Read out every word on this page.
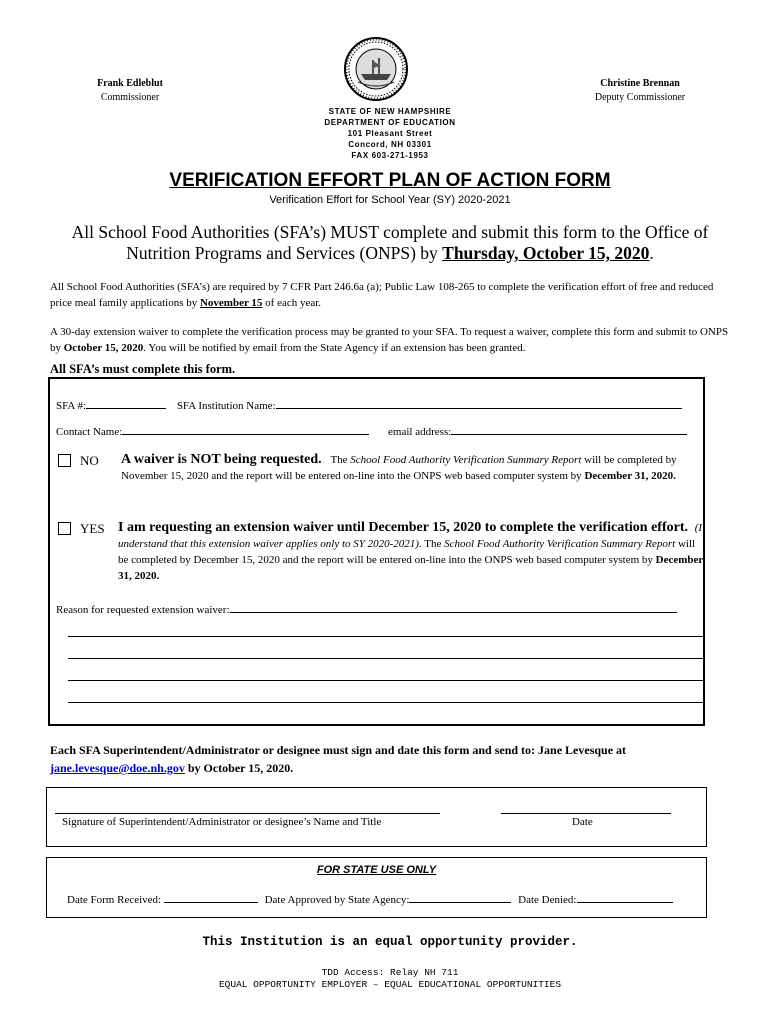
Frank Edleblut
Commissioner
Christine Brennan
Deputy Commissioner
STATE OF NEW HAMPSHIRE
DEPARTMENT OF EDUCATION
101 Pleasant Street
Concord, NH 03301
FAX 603-271-1953
VERIFICATION EFFORT PLAN OF ACTION FORM
Verification Effort for School Year (SY) 2020-2021
All School Food Authorities (SFA’s) MUST complete and submit this form to the Office of Nutrition Programs and Services (ONPS) by Thursday, October 15, 2020.
All School Food Authorities (SFA’s) are required by 7 CFR Part 246.6a (a); Public Law 108-265 to complete the verification effort of free and reduced price meal family applications by November 15 of each year.
A 30-day extension waiver to complete the verification process may be granted to your SFA. To request a waiver, complete this form and submit to ONPS by October 15, 2020. You will be notified by email from the State Agency if an extension has been granted.
All SFA’s must complete this form.
SFA #:	SFA Institution Name:
Contact Name:	email address:
NO A waiver is NOT being requested. The School Food Authority Verification Summary Report will be completed by November 15, 2020 and the report will be entered on-line into the ONPS web based computer system by December 31, 2020.
YES I am requesting an extension waiver until December 15, 2020 to complete the verification effort. (I understand that this extension waiver applies only to SY 2020-2021). The School Food Authority Verification Summary Report will be completed by December 15, 2020 and the report will be entered on-line into the ONPS web based computer system by December 31, 2020.
Reason for requested extension waiver:
Each SFA Superintendent/Administrator or designee must sign and date this form and send to: Jane Levesque at jane.levesque@doe.nh.gov by October 15, 2020.
Signature of Superintendent/Administrator or designee’s Name and Title	Date
FOR STATE USE ONLY
Date Form Received:	Date Approved by State Agency:	Date Denied:
This Institution is an equal opportunity provider.
TDD Access: Relay NH 711
EQUAL OPPORTUNITY EMPLOYER – EQUAL EDUCATIONAL OPPORTUNITIES
